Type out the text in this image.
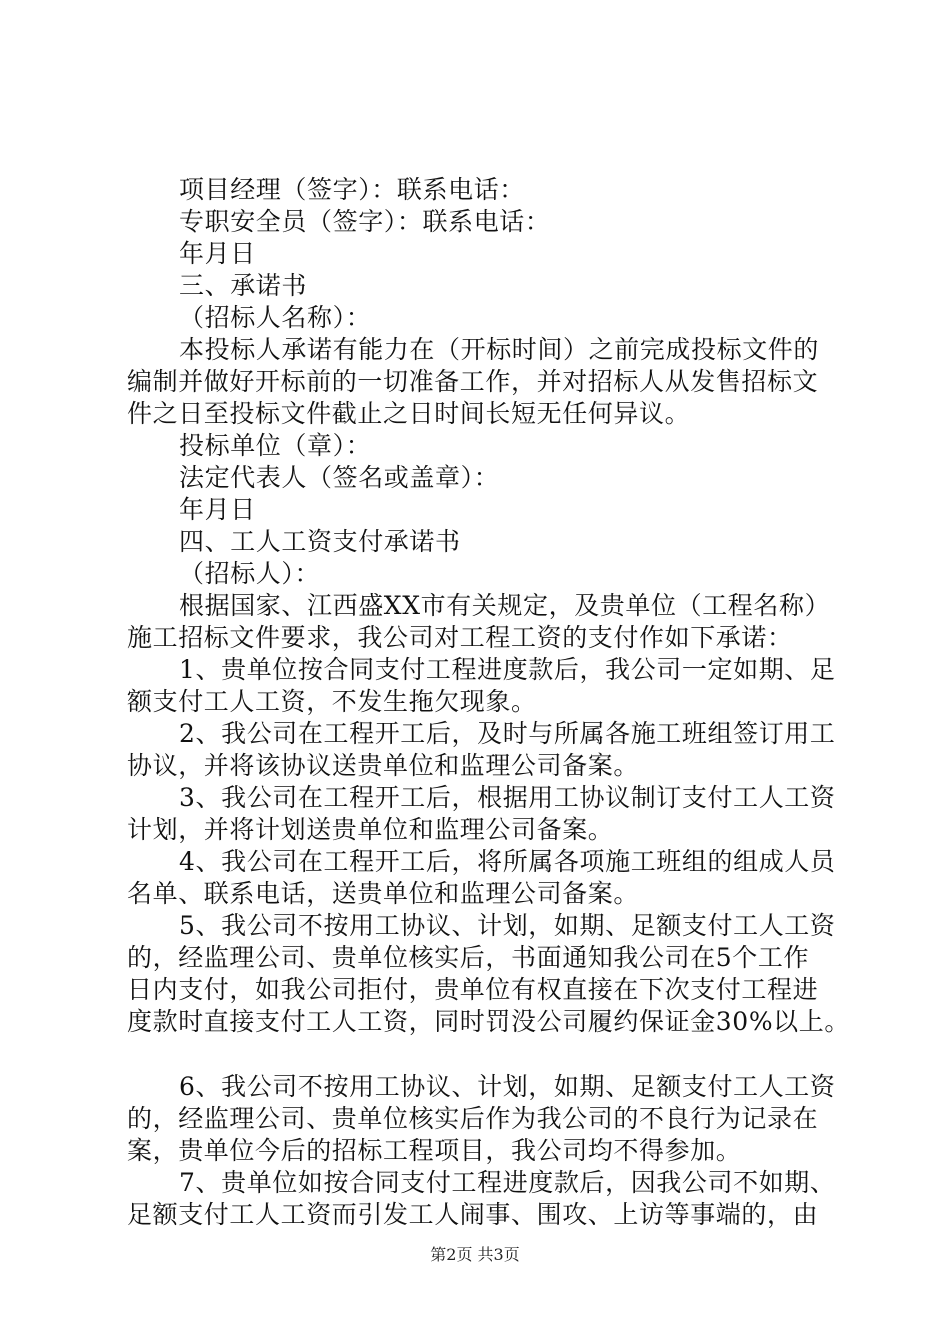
项目经理（签字）：联系电话：
专职安全员（签字）：联系电话：
年月日
三、承诺书
（招标人名称）：
本投标人承诺有能力在（开标时间）之前完成投标文件的
编制并做好开标前的一切准备工作，并对招标人从发售招标文
件之日至投标文件截止之日时间长短无任何异议。
投标单位（章）：
法定代表人（签名或盖章）：
年月日
四、工人工资支付承诺书
（招标人）：
根据国家、江西盛XX市有关规定，及贵单位（工程名称）
施工招标文件要求，我公司对工程工资的支付作如下承诺：
1、贵单位按合同支付工程进度款后，我公司一定如期、足
额支付工人工资，不发生拖欠现象。
2、我公司在工程开工后，及时与所属各施工班组签订用工
协议，并将该协议送贵单位和监理公司备案。
3、我公司在工程开工后，根据用工协议制订支付工人工资
计划，并将计划送贵单位和监理公司备案。
4、我公司在工程开工后，将所属各项施工班组的组成人员
名单、联系电话，送贵单位和监理公司备案。
5、我公司不按用工协议、计划，如期、足额支付工人工资
的，经监理公司、贵单位核实后，书面通知我公司在5个工作
日内支付，如我公司拒付，贵单位有权直接在下次支付工程进
度款时直接支付工人工资，同时罚没公司履约保证金30%以上。
6、我公司不按用工协议、计划，如期、足额支付工人工资
的，经监理公司、贵单位核实后作为我公司的不良行为记录在
案，贵单位今后的招标工程项目，我公司均不得参加。
7、贵单位如按合同支付工程进度款后，因我公司不如期、
足额支付工人工资而引发工人闹事、围攻、上访等事端的，由
第2页 共3页
